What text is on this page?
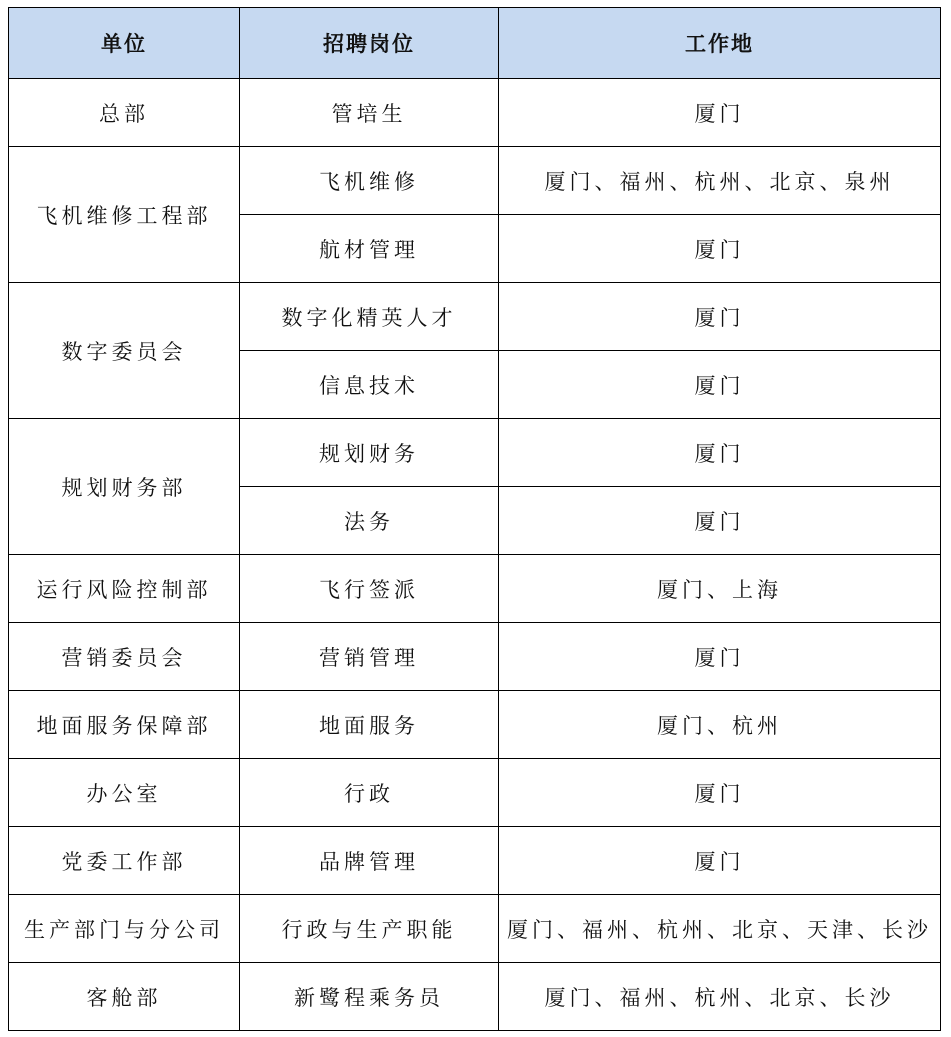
单位	招聘岗位	工作地
总部	管培生	厦门
飞机维修工程部	飞机维修	厦门、福州、杭州、北京、泉州
	航材管理	厦门
数字委员会	数字化精英人才	厦门
	信息技术	厦门
规划财务部	规划财务	厦门
	法务	厦门
运行风险控制部	飞行签派	厦门、上海
营销委员会	营销管理	厦门
地面服务保障部	地面服务	厦门、杭州
办公室	行政	厦门
党委工作部	品牌管理	厦门
生产部门与分公司	行政与生产职能	厦门、福州、杭州、北京、天津、长沙
客舱部	新鹭程乘务员	厦门、福州、杭州、北京、长沙
